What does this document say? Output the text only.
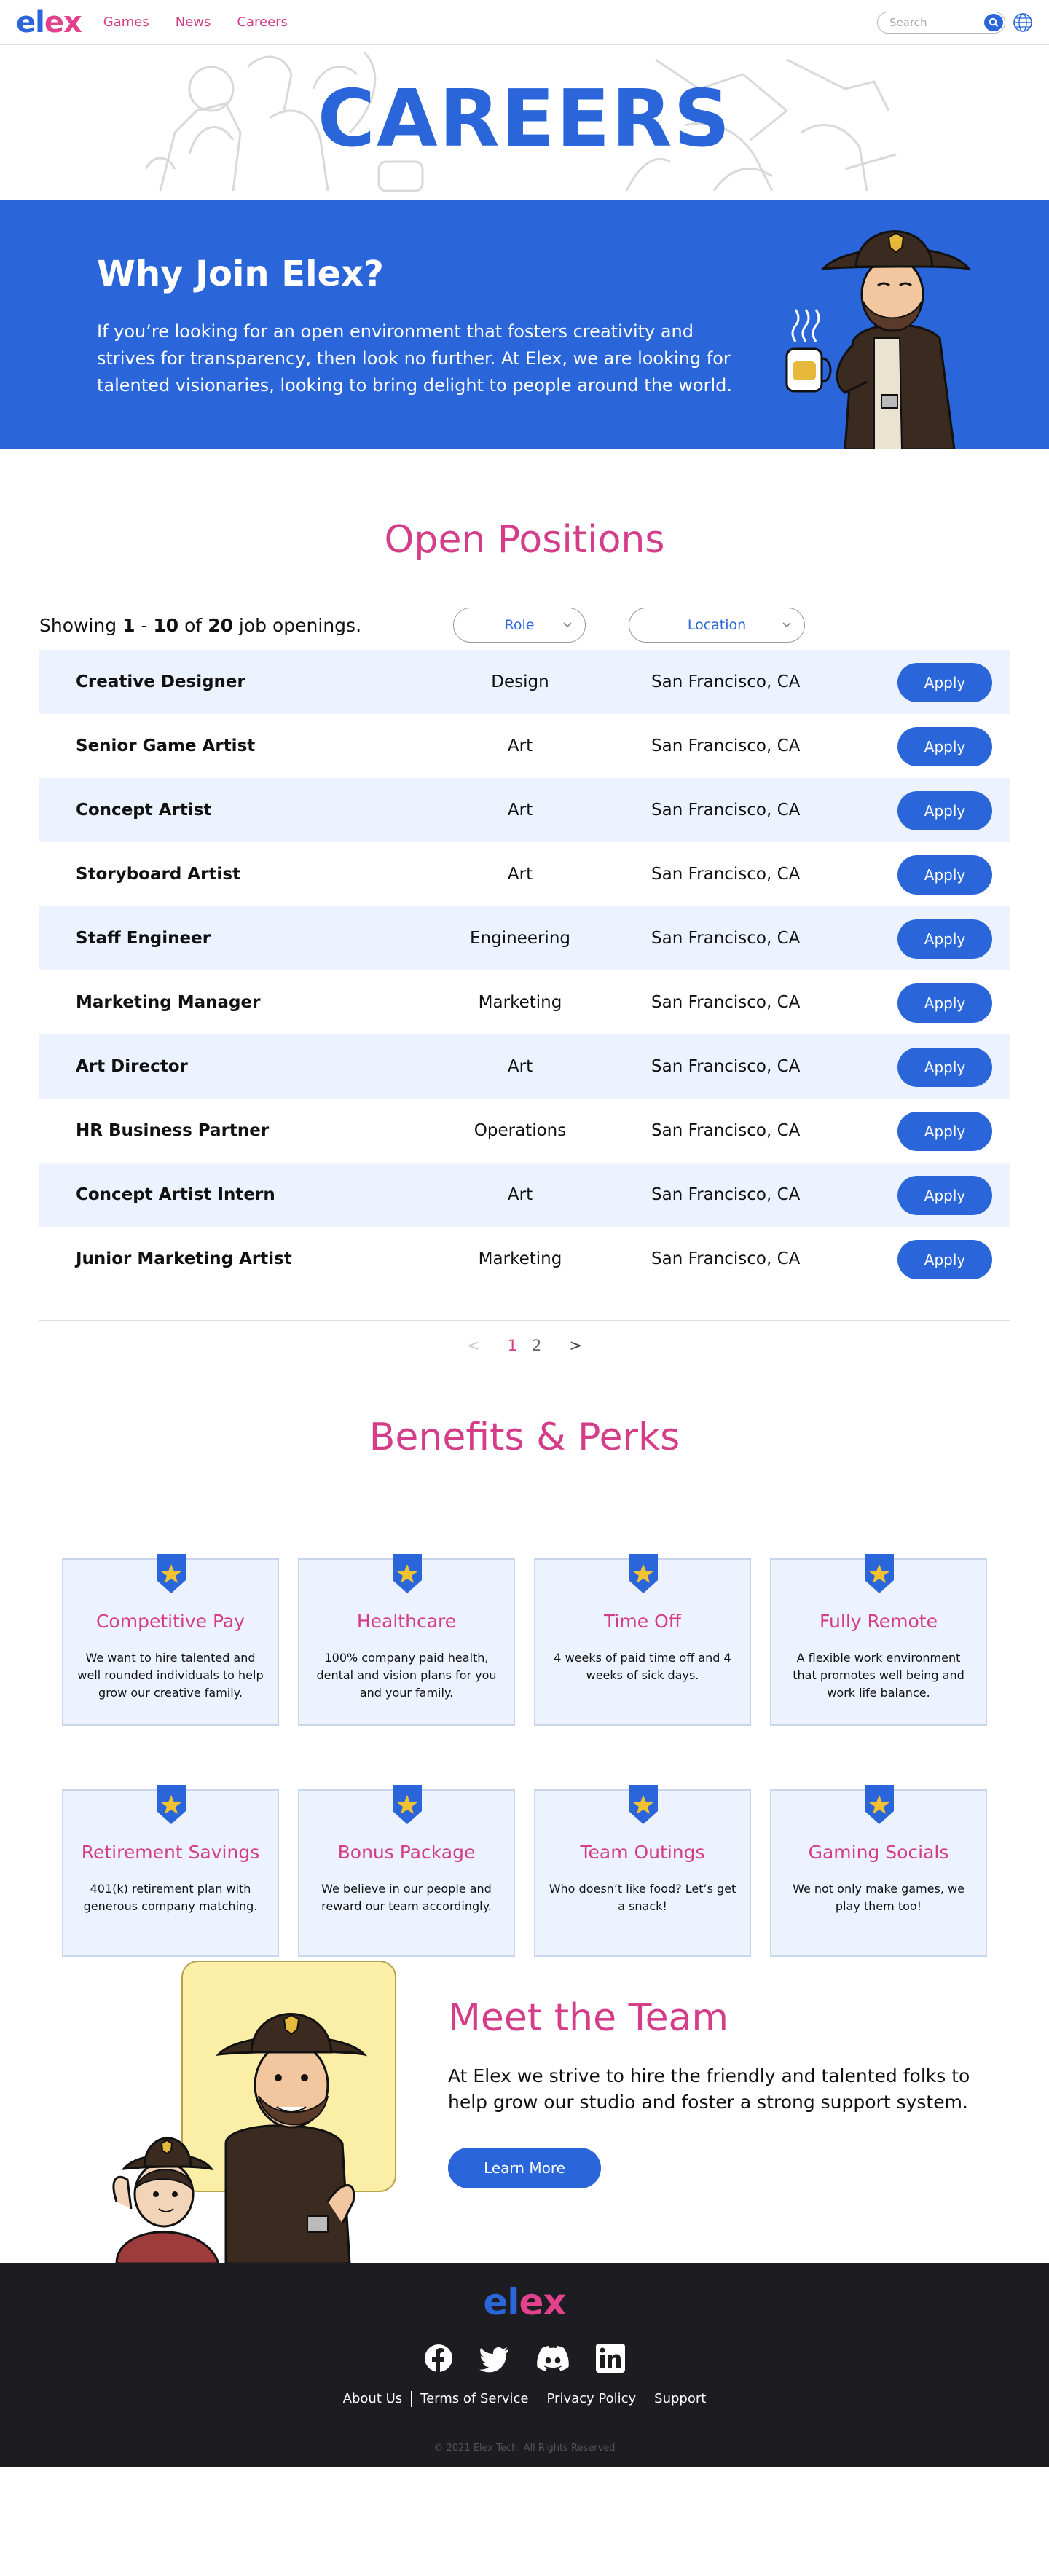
elex Games News Careers
Search
CAREERS
Why Join Elex?

If you’re looking for an open environment that fosters creativity and strives for transparency, then look no further. At Elex, we are looking for talented visionaries, looking to bring delight to people around the world.

Open Positions
Showing 1 - 10 of 20 job openings.	Role	Location
Creative Designer	Design	San Francisco, CA	Apply
Senior Game Artist	Art	San Francisco, CA	Apply
Concept Artist	Art	San Francisco, CA	Apply
Storyboard Artist	Art	San Francisco, CA	Apply
Staff Engineer	Engineering	San Francisco, CA	Apply
Marketing Manager	Marketing	San Francisco, CA	Apply
Art Director	Art	San Francisco, CA	Apply
HR Business Partner	Operations	San Francisco, CA	Apply
Concept Artist Intern	Art	San Francisco, CA	Apply
Junior Marketing Artist	Marketing	San Francisco, CA	Apply
< 1 2 >
Benefits & Perks
Competitive Pay

We want to hire talented and well rounded individuals to help grow our creative family.

Healthcare

100% company paid health, dental and vision plans for you and your family.

Time Off

4 weeks of paid time off and 4 weeks of sick days.

Fully Remote

A flexible work environment that promotes well being and work life balance.

Retirement Savings

401(k) retirement plan with generous company matching.

Bonus Package

We believe in our people and reward our team accordingly.

Team Outings

Who doesn’t like food? Let’s get a snack!

Gaming Socials

We not only make games, we play them too!

Meet the Team

At Elex we strive to hire the friendly and talented folks to help grow our studio and foster a strong support system.

Learn More
elex
About Us	Terms of Service	Privacy Policy	Support
© 2021 Elex Tech. All Rights Reserved
